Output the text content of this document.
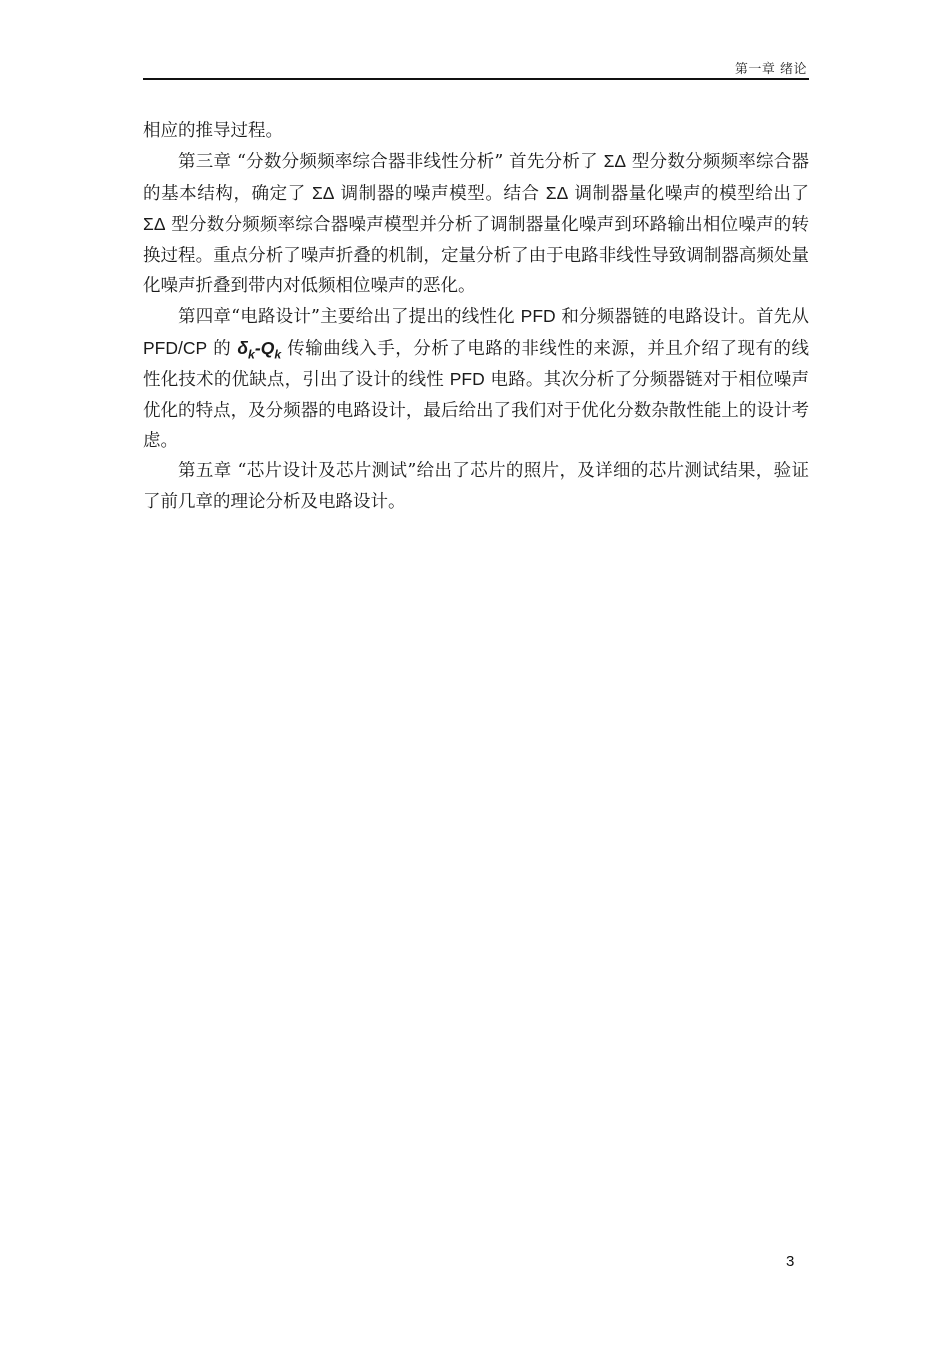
第一章 绪论

相应的推导过程。

第三章 “分数分频频率综合器非线性分析” 首先分析了 ΣΔ 型分数分频频率综合器的基本结构，确定了 ΣΔ 调制器的噪声模型。结合 ΣΔ 调制器量化噪声的模型给出了 ΣΔ 型分数分频频率综合器噪声模型并分析了调制器量化噪声到环路输出相位噪声的转换过程。重点分析了噪声折叠的机制，定量分析了由于电路非线性导致调制器高频处量化噪声折叠到带内对低频相位噪声的恶化。

第四章“电路设计”主要给出了提出的线性化 PFD 和分频器链的电路设计。首先从 PFD/CP 的 $\delta_k-Q_k$ 传输曲线入手，分析了电路的非线性的来源，并且介绍了现有的线性化技术的优缺点，引出了设计的线性 PFD 电路。其次分析了分频器链对于相位噪声优化的特点，及分频器的电路设计，最后给出了我们对于优化分数杂散性能上的设计考虑。

第五章 “芯片设计及芯片测试”给出了芯片的照片，及详细的芯片测试结果，验证了前几章的理论分析及电路设计。

3
